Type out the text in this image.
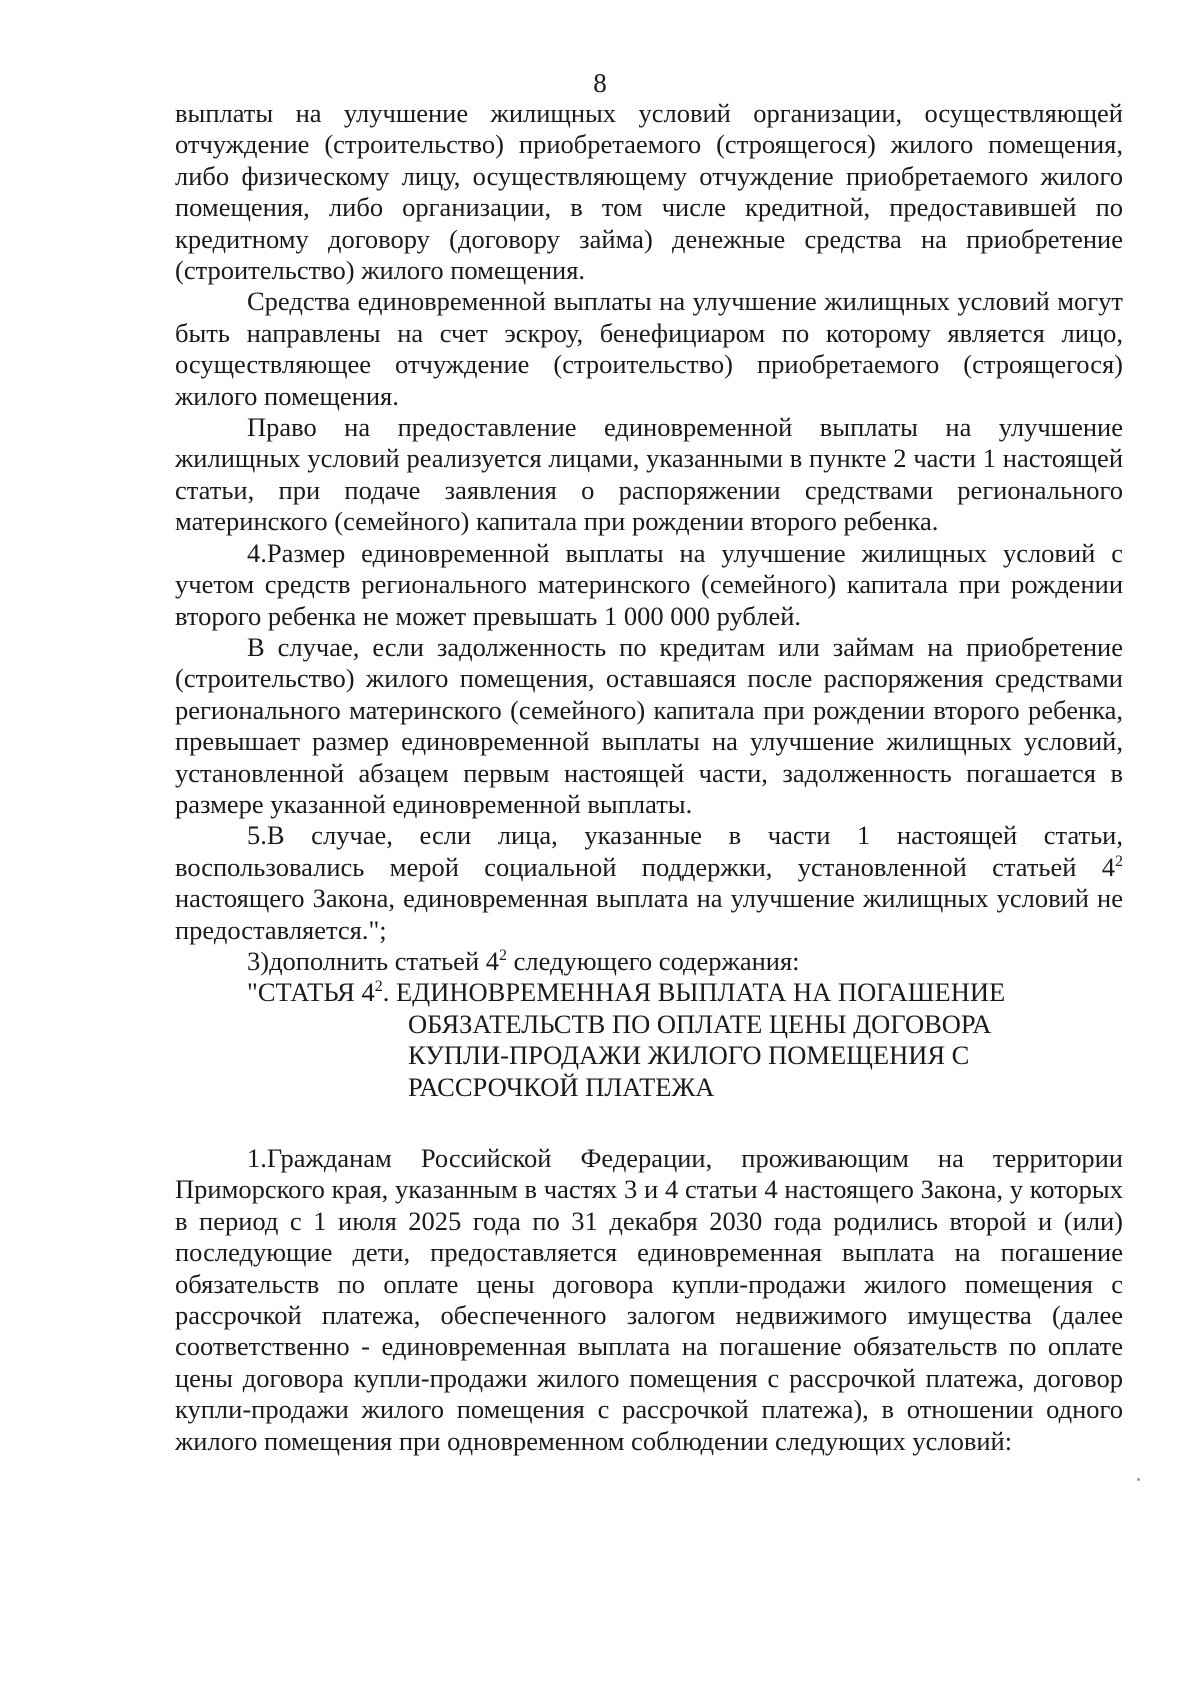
8

выплаты на улучшение жилищных условий организации, осуществляющей отчуждение (строительство) приобретаемого (строящегося) жилого помещения, либо физическому лицу, осуществляющему отчуждение приобретаемого жилого помещения, либо организации, в том числе кредитной, предоставившей по кредитному договору (договору займа) денежные средства на приобретение (строительство) жилого помещения.

Средства единовременной выплаты на улучшение жилищных условий могут быть направлены на счет эскроу, бенефициаром по которому является лицо, осуществляющее отчуждение (строительство) приобретаемого (строящегося) жилого помещения.

Право на предоставление единовременной выплаты на улучшение жилищных условий реализуется лицами, указанными в пункте 2 части 1 настоящей статьи, при подаче заявления о распоряжении средствами регионального материнского (семейного) капитала при рождении второго ребенка.

4.Размер единовременной выплаты на улучшение жилищных условий с учетом средств регионального материнского (семейного) капитала при рождении второго ребенка не может превышать 1 000 000 рублей.

В случае, если задолженность по кредитам или займам на приобретение (строительство) жилого помещения, оставшаяся после распоряжения средствами регионального материнского (семейного) капитала при рождении второго ребенка, превышает размер единовременной выплаты на улучшение жилищных условий, установленной абзацем первым настоящей части, задолженность погашается в размере указанной единовременной выплаты.

5.В случае, если лица, указанные в части 1 настоящей статьи, воспользовались мерой социальной поддержки, установленной статьей $4^2$ настоящего Закона, единовременная выплата на улучшение жилищных условий не предоставляется.";

3)дополнить статьей $4^2$ следующего содержания:

"СТАТЬЯ $4^2$. ЕДИНОВРЕМЕННАЯ ВЫПЛАТА НА ПОГАШЕНИЕ

ОБЯЗАТЕЛЬСТВ ПО ОПЛАТЕ ЦЕНЫ ДОГОВОРА

КУПЛИ-ПРОДАЖИ ЖИЛОГО ПОМЕЩЕНИЯ С

РАССРОЧКОЙ ПЛАТЕЖА

1.Гражданам Российской Федерации, проживающим на территории Приморского края, указанным в частях 3 и 4 статьи 4 настоящего Закона, у которых в период с 1 июля 2025 года по 31 декабря 2030 года родились второй и (или) последующие дети, предоставляется единовременная выплата на погашение обязательств по оплате цены договора купли-продажи жилого помещения с рассрочкой платежа, обеспеченного залогом недвижимого имущества (далее соответственно - единовременная выплата на погашение обязательств по оплате цены договора купли-продажи жилого помещения с рассрочкой платежа, договор купли-продажи жилого помещения с рассрочкой платежа), в отношении одного жилого помещения при одновременном соблюдении следующих условий:
